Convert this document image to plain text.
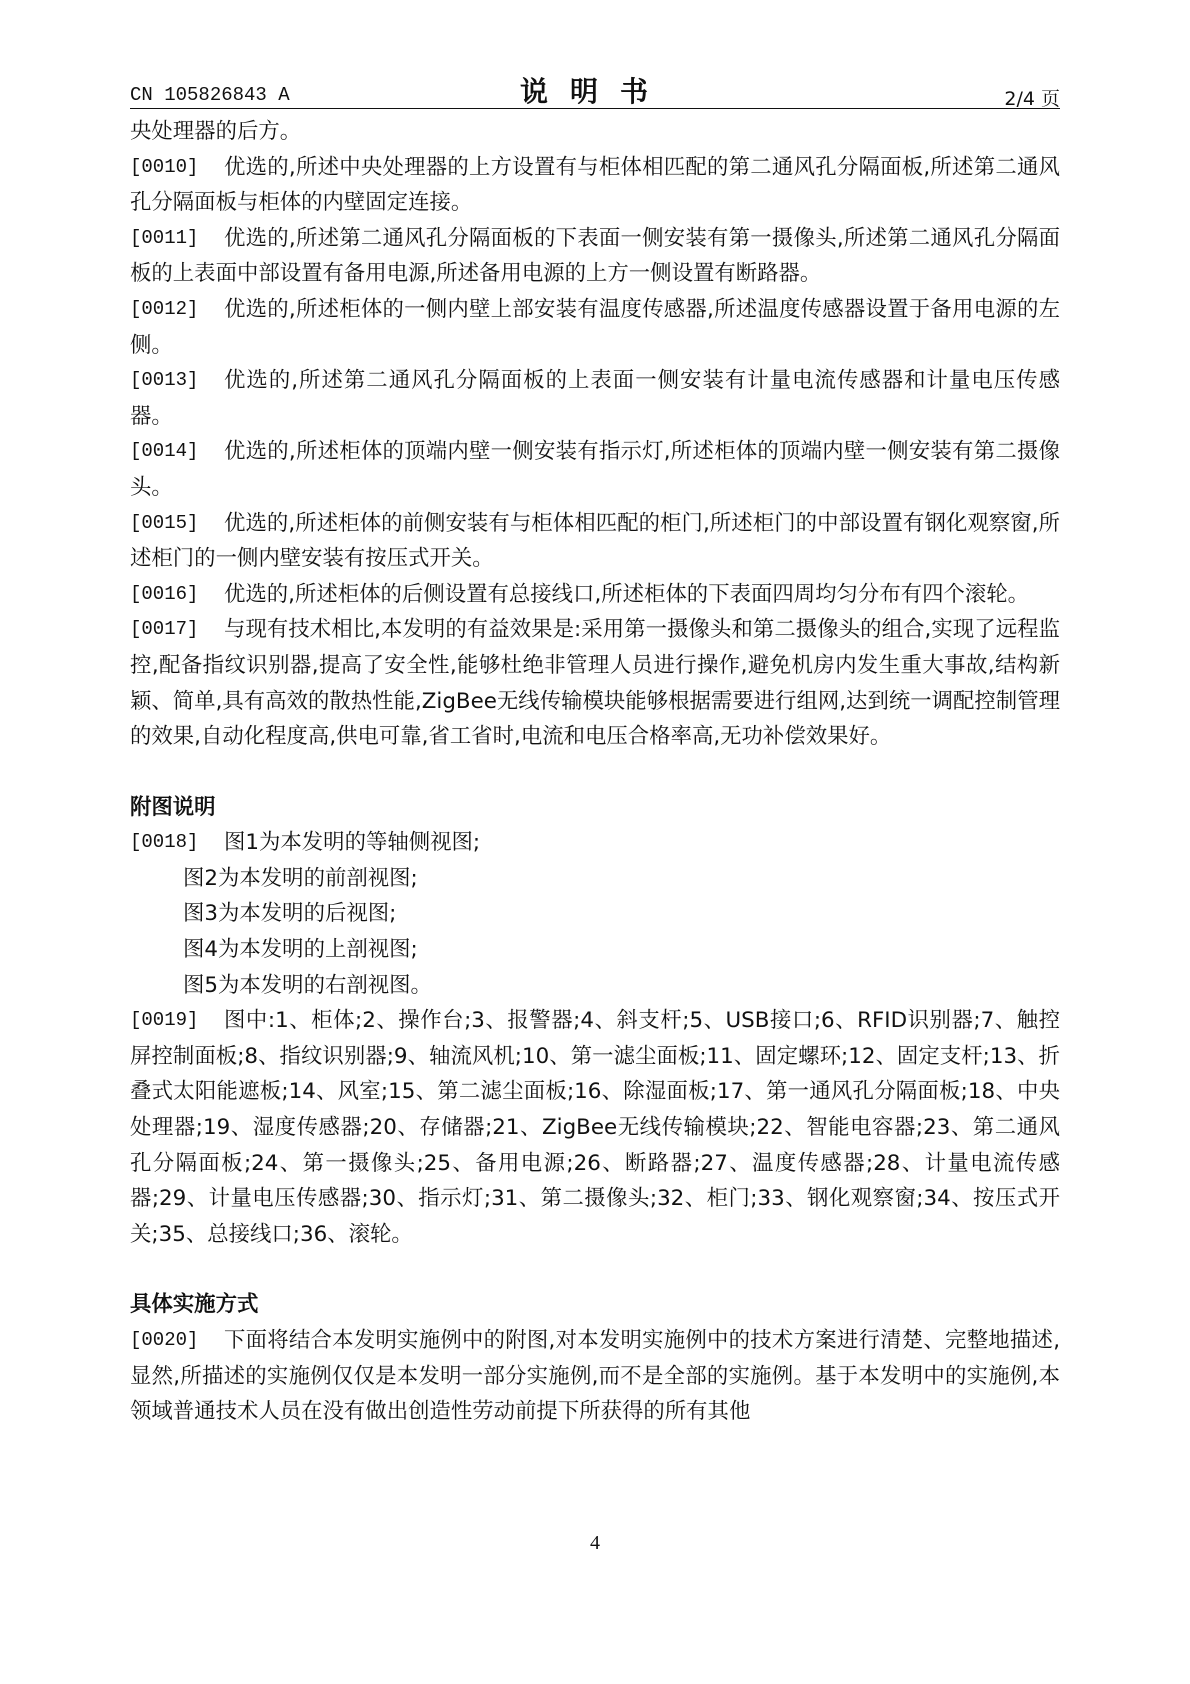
CN 105826843 A	说明书	2/4 页
央处理器的后方。
[0010]	优选的,所述中央处理器的上方设置有与柜体相匹配的第二通风孔分隔面板,所述第二通风孔分隔面板与柜体的内壁固定连接。
[0011]	优选的,所述第二通风孔分隔面板的下表面一侧安装有第一摄像头,所述第二通风孔分隔面板的上表面中部设置有备用电源,所述备用电源的上方一侧设置有断路器。
[0012]	优选的,所述柜体的一侧内壁上部安装有温度传感器,所述温度传感器设置于备用电源的左侧。
[0013]	优选的,所述第二通风孔分隔面板的上表面一侧安装有计量电流传感器和计量电压传感器。
[0014]	优选的,所述柜体的顶端内壁一侧安装有指示灯,所述柜体的顶端内壁一侧安装有第二摄像头。
[0015]	优选的,所述柜体的前侧安装有与柜体相匹配的柜门,所述柜门的中部设置有钢化观察窗,所述柜门的一侧内壁安装有按压式开关。
[0016]	优选的,所述柜体的后侧设置有总接线口,所述柜体的下表面四周均匀分布有四个滚轮。
[0017]	与现有技术相比,本发明的有益效果是:采用第一摄像头和第二摄像头的组合,实现了远程监控,配备指纹识别器,提高了安全性,能够杜绝非管理人员进行操作,避免机房内发生重大事故,结构新颖、简单,具有高效的散热性能,ZigBee无线传输模块能够根据需要进行组网,达到统一调配控制管理的效果,自动化程度高,供电可靠,省工省时,电流和电压合格率高,无功补偿效果好。
附图说明
[0018]	图1为本发明的等轴侧视图;
图2为本发明的前剖视图;
图3为本发明的后视图;
图4为本发明的上剖视图;
图5为本发明的右剖视图。
[0019]	图中:1、柜体;2、操作台;3、报警器;4、斜支杆;5、USB接口;6、RFID识别器;7、触控屏控制面板;8、指纹识别器;9、轴流风机;10、第一滤尘面板;11、固定螺环;12、固定支杆;13、折叠式太阳能遮板;14、风室;15、第二滤尘面板;16、除湿面板;17、第一通风孔分隔面板;18、中央处理器;19、湿度传感器;20、存储器;21、ZigBee无线传输模块;22、智能电容器;23、第二通风孔分隔面板;24、第一摄像头;25、备用电源;26、断路器;27、温度传感器;28、计量电流传感器;29、计量电压传感器;30、指示灯;31、第二摄像头;32、柜门;33、钢化观察窗;34、按压式开关;35、总接线口;36、滚轮。
具体实施方式
[0020]	下面将结合本发明实施例中的附图,对本发明实施例中的技术方案进行清楚、完整地描述,显然,所描述的实施例仅仅是本发明一部分实施例,而不是全部的实施例。基于本发明中的实施例,本领域普通技术人员在没有做出创造性劳动前提下所获得的所有其他
4
